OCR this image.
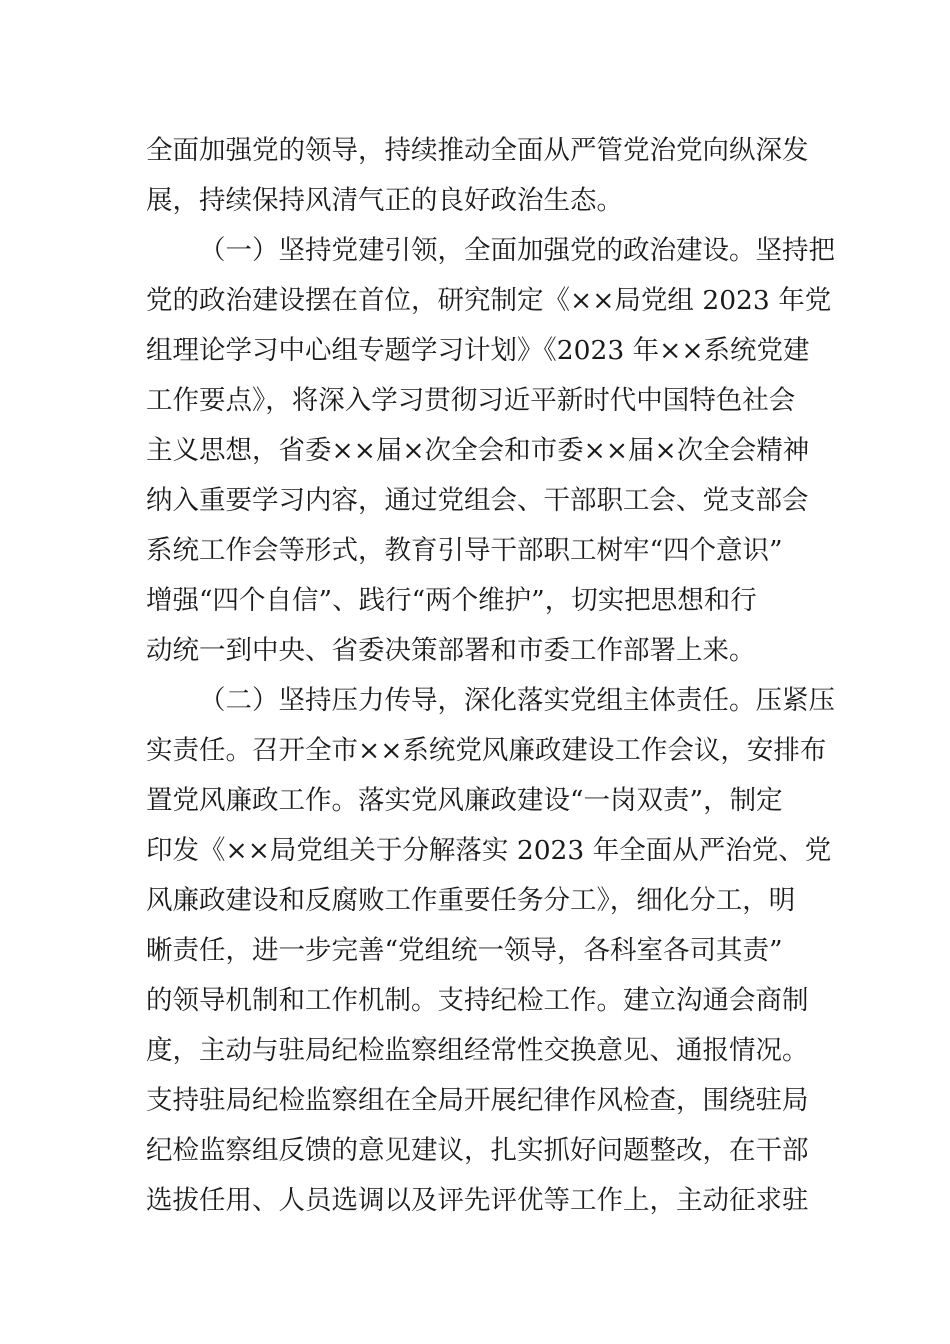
全面加强党的领导，持续推动全面从严管党治党向纵深发
展，持续保持风清气正的良好政治生态。
（一）坚持党建引领，全面加强党的政治建设。坚持把
党的政治建设摆在首位，研究制定《××局党组 2023 年党
组理论学习中心组专题学习计划》《2023 年××系统党建
工作要点》，将深入学习贯彻习近平新时代中国特色社会
主义思想，省委××届×次全会和市委××届×次全会精神
纳入重要学习内容，通过党组会、干部职工会、党支部会
系统工作会等形式，教育引导干部职工树牢“四个意识”
增强“四个自信”、践行“两个维护”，切实把思想和行
动统一到中央、省委决策部署和市委工作部署上来。
（二）坚持压力传导，深化落实党组主体责任。压紧压
实责任。召开全市××系统党风廉政建设工作会议，安排布
置党风廉政工作。落实党风廉政建设“一岗双责”，制定
印发《××局党组关于分解落实 2023 年全面从严治党、党
风廉政建设和反腐败工作重要任务分工》，细化分工，明
晰责任，进一步完善“党组统一领导，各科室各司其责”
的领导机制和工作机制。支持纪检工作。建立沟通会商制
度，主动与驻局纪检监察组经常性交换意见、通报情况。
支持驻局纪检监察组在全局开展纪律作风检查，围绕驻局
纪检监察组反馈的意见建议，扎实抓好问题整改，在干部
选拔任用、人员选调以及评先评优等工作上，主动征求驻
